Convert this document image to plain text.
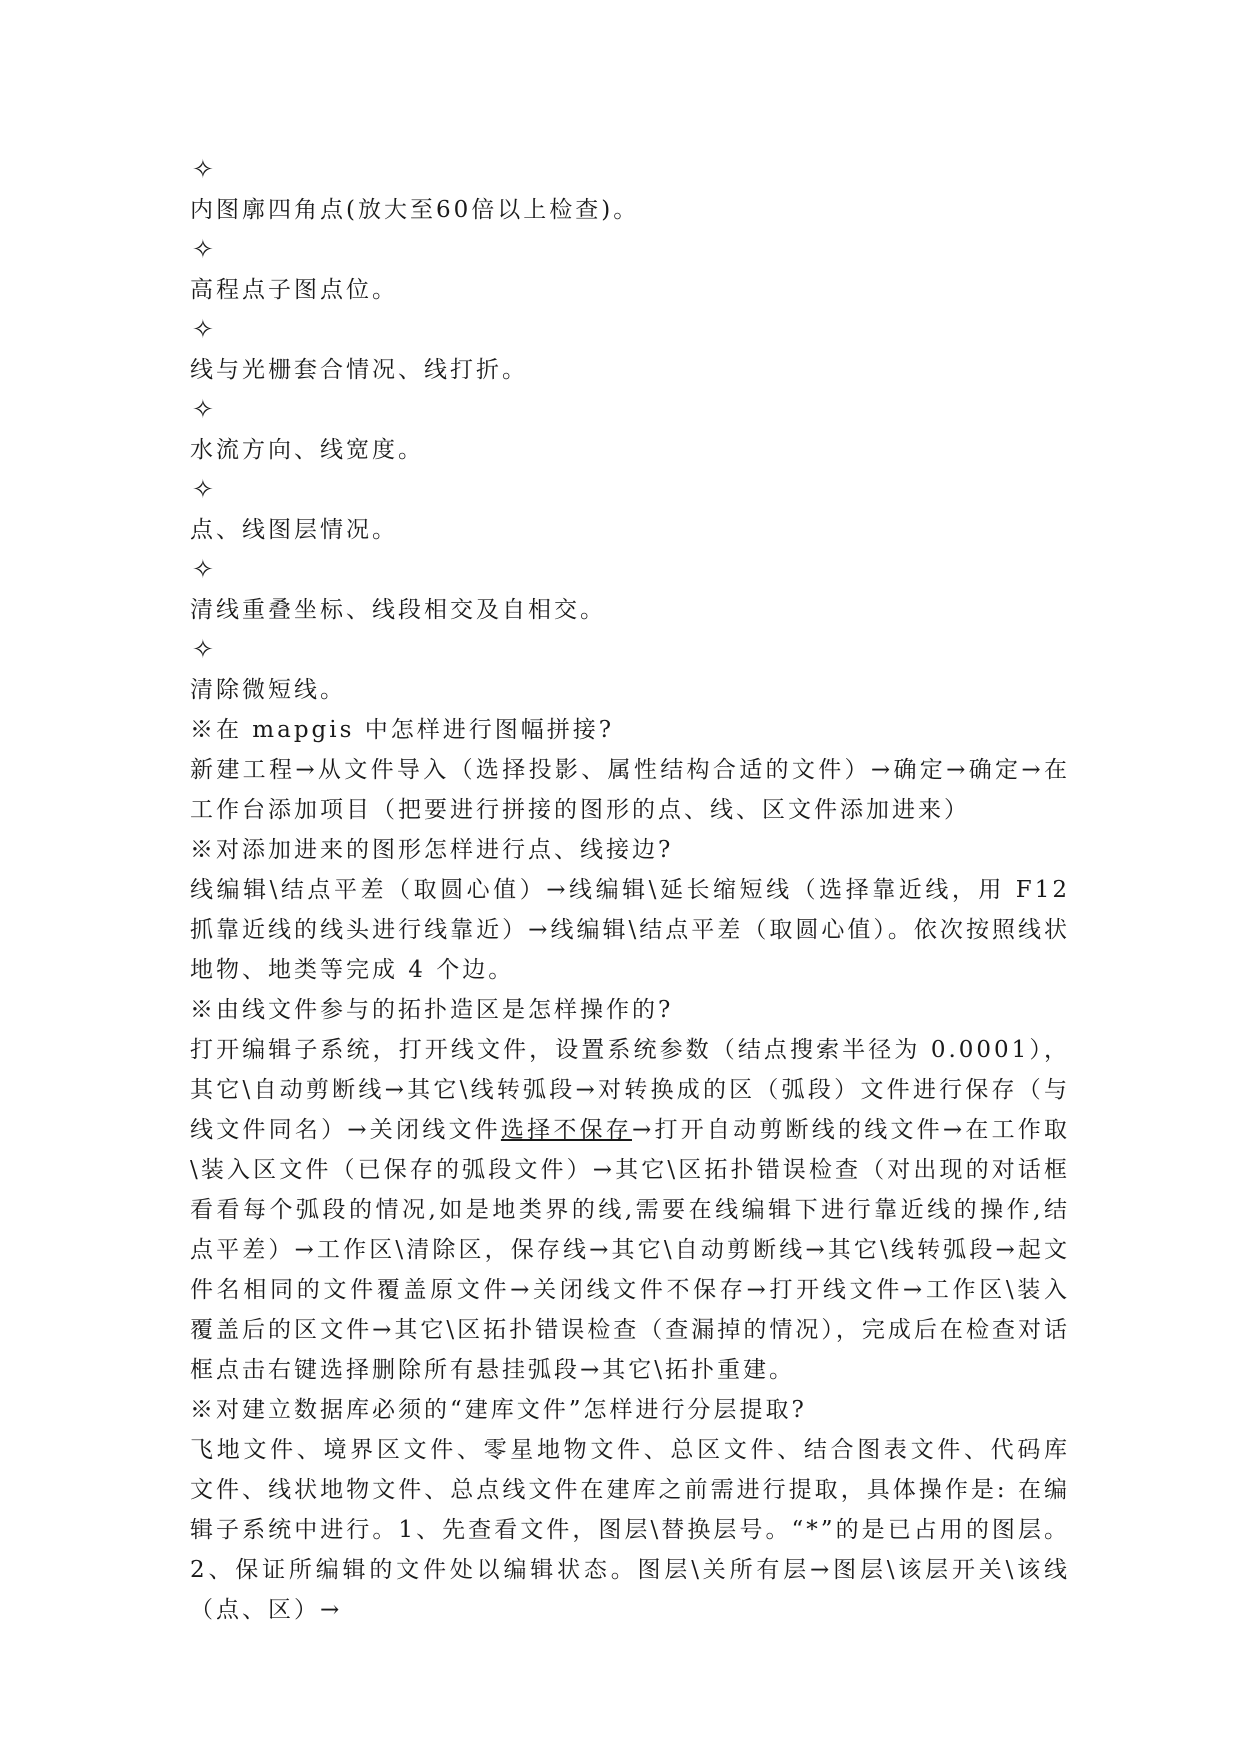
✧
内图廓四角点(放大至60倍以上检查)。
✧
高程点子图点位。
✧
线与光栅套合情况、线打折。
✧
水流方向、线宽度。
✧
点、线图层情况。
✧
清线重叠坐标、线段相交及自相交。
✧
清除微短线。
※在 mapgis 中怎样进行图幅拼接?
新建工程→从文件导入（选择投影、属性结构合适的文件）→确定→确定→在工作台添加项目（把要进行拼接的图形的点、线、区文件添加进来）
※对添加进来的图形怎样进行点、线接边?
线编辑\结点平差（取圆心值）→线编辑\延长缩短线（选择靠近线，用 F12 抓靠近线的线头进行线靠近）→线编辑\结点平差（取圆心值）。依次按照线状地物、地类等完成 4 个边。
※由线文件参与的拓扑造区是怎样操作的?
打开编辑子系统，打开线文件，设置系统参数（结点搜索半径为 0.0001），其它\自动剪断线→其它\线转弧段→对转换成的区（弧段）文件进行保存（与线文件同名）→关闭线文件选择不保存→打开自动剪断线的线文件→在工作取\装入区文件（已保存的弧段文件）→其它\区拓扑错误检查（对出现的对话框看看每个弧段的情况,如是地类界的线,需要在线编辑下进行靠近线的操作,结点平差）→工作区\清除区，保存线→其它\自动剪断线→其它\线转弧段→起文件名相同的文件覆盖原文件→关闭线文件不保存→打开线文件→工作区\装入覆盖后的区文件→其它\区拓扑错误检查（查漏掉的情况），完成后在检查对话框点击右键选择删除所有悬挂弧段→其它\拓扑重建。
※对建立数据库必须的“建库文件”怎样进行分层提取?
飞地文件、境界区文件、零星地物文件、总区文件、结合图表文件、代码库文件、线状地物文件、总点线文件在建库之前需进行提取，具体操作是: 在编辑子系统中进行。1、先查看文件，图层\替换层号。“*”的是已占用的图层。2、保证所编辑的文件处以编辑状态。图层\关所有层→图层\该层开关\该线（点、区）→
